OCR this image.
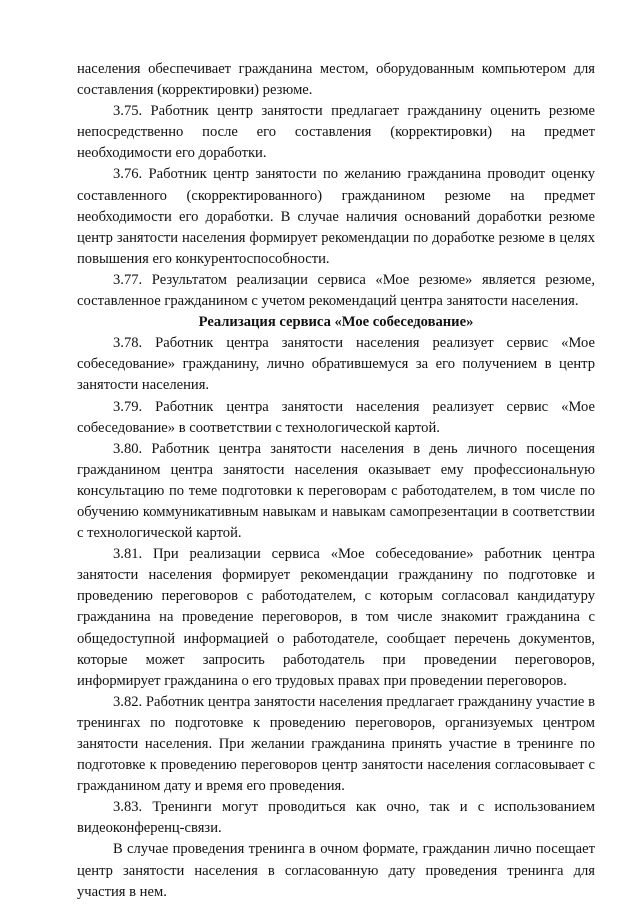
населения обеспечивает гражданина местом, оборудованным компьютером для составления (корректировки) резюме.

3.75. Работник центр занятости предлагает гражданину оценить резюме непосредственно после его составления (корректировки) на предмет необходимости его доработки.

3.76. Работник центр занятости по желанию гражданина проводит оценку составленного (скорректированного) гражданином резюме на предмет необходимости его доработки. В случае наличия оснований доработки резюме центр занятости населения формирует рекомендации по доработке резюме в целях повышения его конкурентоспособности.

3.77. Результатом реализации сервиса «Мое резюме» является резюме, составленное гражданином с учетом рекомендаций центра занятости населения.

Реализация сервиса «Мое собеседование»

3.78. Работник центра занятости населения реализует сервис «Мое собеседование» гражданину, лично обратившемуся за его получением в центр занятости населения.

3.79. Работник центра занятости населения реализует сервис «Мое собеседование» в соответствии с технологической картой.

3.80. Работник центра занятости населения в день личного посещения гражданином центра занятости населения оказывает ему профессиональную консультацию по теме подготовки к переговорам с работодателем, в том числе по обучению коммуникативным навыкам и навыкам самопрезентации в соответствии с технологической картой.

3.81. При реализации сервиса «Мое собеседование» работник центра занятости населения формирует рекомендации гражданину по подготовке и проведению переговоров с работодателем, с которым согласовал кандидатуру гражданина на проведение переговоров, в том числе знакомит гражданина с общедоступной информацией о работодателе, сообщает перечень документов, которые может запросить работодатель при проведении переговоров, информирует гражданина о его трудовых правах при проведении переговоров.

3.82. Работник центра занятости населения предлагает гражданину участие в тренингах по подготовке к проведению переговоров, организуемых центром занятости населения. При желании гражданина принять участие в тренинге по подготовке к проведению переговоров центр занятости населения согласовывает с гражданином дату и время его проведения.

3.83. Тренинги могут проводиться как очно, так и с использованием видеоконференц-связи.

В случае проведения тренинга в очном формате, гражданин лично посещает центр занятости населения в согласованную дату проведения тренинга для участия в нем.
